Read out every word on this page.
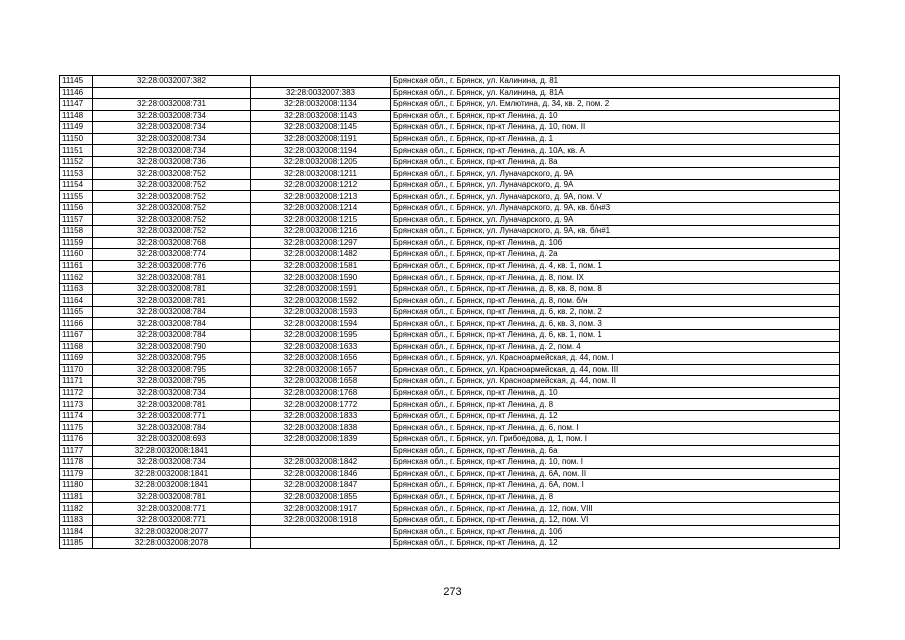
11145	32:28:0032007:382		Брянская обл., г. Брянск, ул. Калинина, д. 81
11146		32:28:0032007:383	Брянская обл., г. Брянск, ул. Калинина, д. 81А
11147	32:28:0032008:731	32:28:0032008:1134	Брянская обл., г. Брянск, ул. Емлютина, д. 34, кв. 2, пом. 2
11148	32:28:0032008:734	32:28:0032008:1143	Брянская обл., г. Брянск, пр-кт Ленина, д. 10
11149	32:28:0032008:734	32:28:0032008:1145	Брянская обл., г. Брянск, пр-кт Ленина, д. 10, пом. II
11150	32:28:0032008:734	32:28:0032008:1191	Брянская обл., г. Брянск, пр-кт Ленина, д. 1
11151	32:28:0032008:734	32:28:0032008:1194	Брянская обл., г. Брянск, пр-кт Ленина, д. 10А, кв. А
11152	32:28:0032008:736	32:28:0032008:1205	Брянская обл., г. Брянск, пр-кт Ленина, д. 8а
11153	32:28:0032008:752	32:28:0032008:1211	Брянская обл., г. Брянск, ул. Луначарского, д. 9А
11154	32:28:0032008:752	32:28:0032008:1212	Брянская обл., г. Брянск, ул. Луначарского, д. 9А
11155	32:28:0032008:752	32:28:0032008:1213	Брянская обл., г. Брянск, ул. Луначарского, д. 9А, пом. V
11156	32:28:0032008:752	32:28:0032008:1214	Брянская обл., г. Брянск, ул. Луначарского, д. 9А, кв. б/н#3
11157	32:28:0032008:752	32:28:0032008:1215	Брянская обл., г. Брянск, ул. Луначарского, д. 9А
11158	32:28:0032008:752	32:28:0032008:1216	Брянская обл., г. Брянск, ул. Луначарского, д. 9А, кв. б/н#1
11159	32:28:0032008:768	32:28:0032008:1297	Брянская обл., г. Брянск, пр-кт Ленина, д. 10б
11160	32:28:0032008:774	32:28:0032008:1482	Брянская обл., г. Брянск, пр-кт Ленина, д. 2а
11161	32:28:0032008:776	32:28:0032008:1581	Брянская обл., г. Брянск, пр-кт Ленина, д. 4, кв. 1, пом. 1
11162	32:28:0032008:781	32:28:0032008:1590	Брянская обл., г. Брянск, пр-кт Ленина, д. 8, пом. IX
11163	32:28:0032008:781	32:28:0032008:1591	Брянская обл., г. Брянск, пр-кт Ленина, д. 8, кв. 8, пом. 8
11164	32:28:0032008:781	32:28:0032008:1592	Брянская обл., г. Брянск, пр-кт Ленина, д. 8, пом. б/н
11165	32:28:0032008:784	32:28:0032008:1593	Брянская обл., г. Брянск, пр-кт Ленина, д. 6, кв. 2, пом. 2
11166	32:28:0032008:784	32:28:0032008:1594	Брянская обл., г. Брянск, пр-кт Ленина, д. 6, кв. 3, пом. 3
11167	32:28:0032008:784	32:28:0032008:1595	Брянская обл., г. Брянск, пр-кт Ленина, д. 6, кв. 1, пом. 1
11168	32:28:0032008:790	32:28:0032008:1633	Брянская обл., г. Брянск, пр-кт Ленина, д. 2, пом. 4
11169	32:28:0032008:795	32:28:0032008:1656	Брянская обл., г. Брянск, ул. Красноармейская, д. 44, пом. I
11170	32:28:0032008:795	32:28:0032008:1657	Брянская обл., г. Брянск, ул. Красноармейская, д. 44, пом. III
11171	32:28:0032008:795	32:28:0032008:1658	Брянская обл., г. Брянск, ул. Красноармейская, д. 44, пом. II
11172	32:28:0032008:734	32:28:0032008:1768	Брянская обл., г. Брянск, пр-кт Ленина, д. 10
11173	32:28:0032008:781	32:28:0032008:1772	Брянская обл., г. Брянск, пр-кт Ленина, д. 8
11174	32:28:0032008:771	32:28:0032008:1833	Брянская обл., г. Брянск, пр-кт Ленина, д. 12
11175	32:28:0032008:784	32:28:0032008:1838	Брянская обл., г. Брянск, пр-кт Ленина, д. 6, пом. I
11176	32:28:0032008:693	32:28:0032008:1839	Брянская обл., г. Брянск, ул. Грибоедова, д. 1, пом. I
11177	32:28:0032008:1841		Брянская обл., г. Брянск, пр-кт Ленина, д. 6а
11178	32:28:0032008:734	32:28:0032008:1842	Брянская обл., г. Брянск, пр-кт Ленина, д. 10, пом. I
11179	32:28:0032008:1841	32:28:0032008:1846	Брянская обл., г. Брянск, пр-кт Ленина, д. 6А, пом. II
11180	32:28:0032008:1841	32:28:0032008:1847	Брянская обл., г. Брянск, пр-кт Ленина, д. 6А, пом. I
11181	32:28:0032008:781	32:28:0032008:1855	Брянская обл., г. Брянск, пр-кт Ленина, д. 8
11182	32:28:0032008:771	32:28:0032008:1917	Брянская обл., г. Брянск, пр-кт Ленина, д. 12, пом. VIII
11183	32:28:0032008:771	32:28:0032008:1918	Брянская обл., г. Брянск, пр-кт Ленина, д. 12, пом. VI
11184	32:28:0032008:2077		Брянская обл., г. Брянск, пр-кт Ленина, д. 10б
11185	32:28:0032008:2078		Брянская обл., г. Брянск, пр-кт Ленина, д. 12
273
